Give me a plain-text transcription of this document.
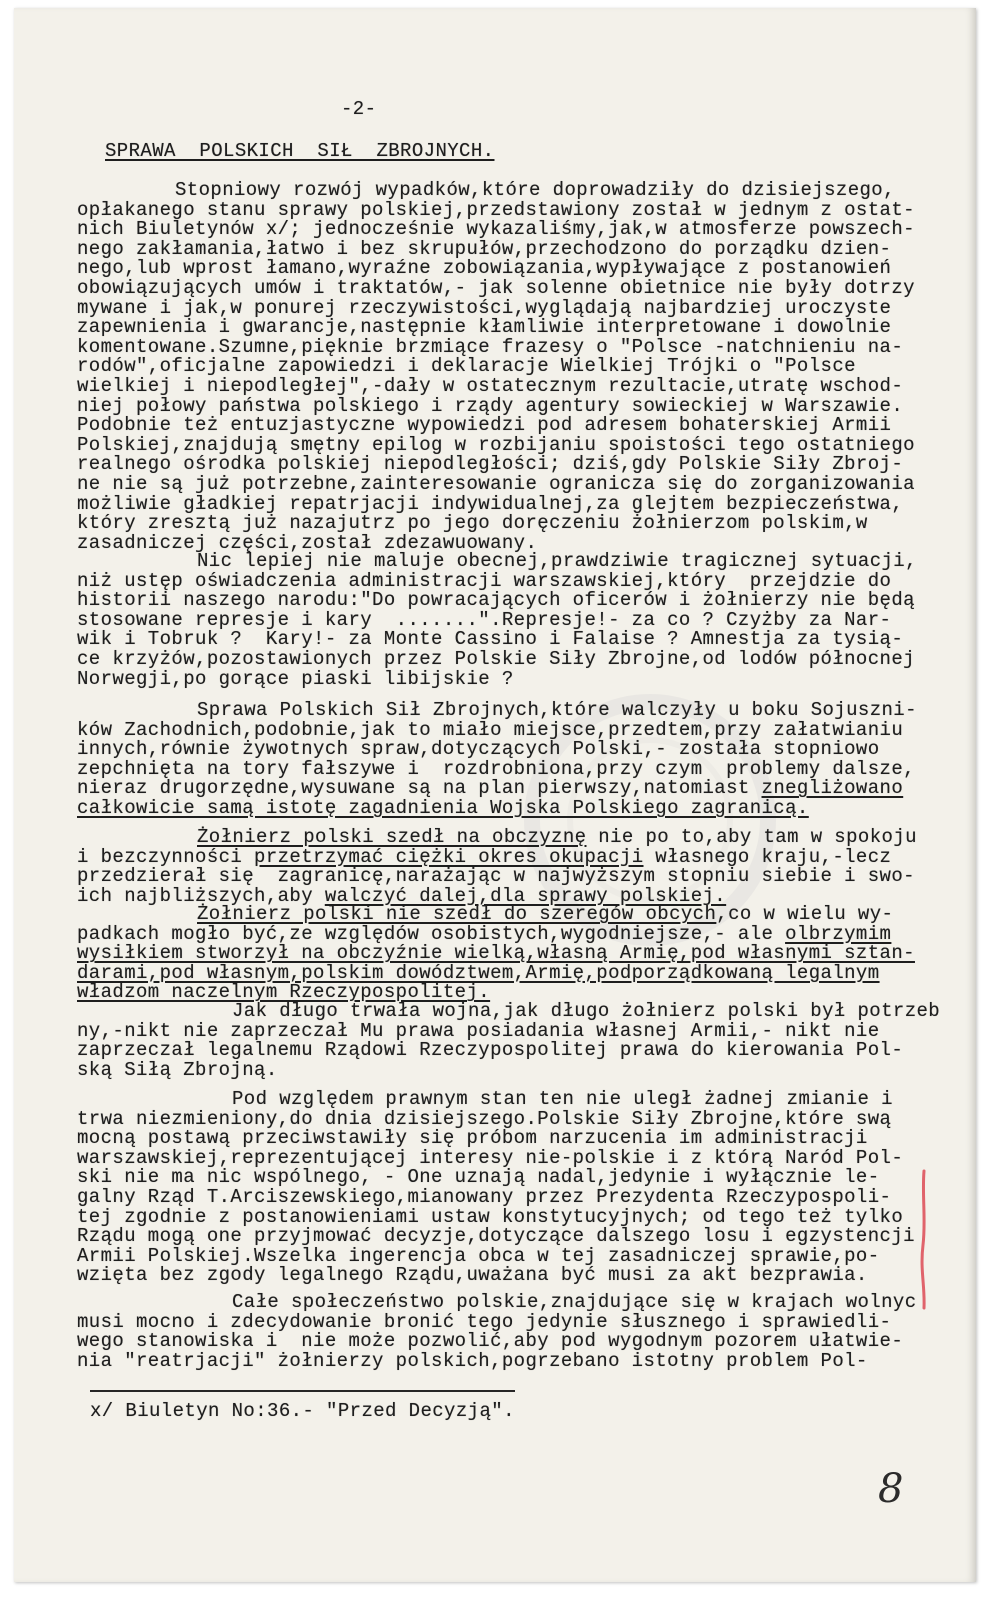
-2-
SPRAWA  POLSKICH  SIŁ  ZBROJNYCH.
Stopniowy rozwój wypadków,które doprowadziły do dzisiejszego,
opłakanego stanu sprawy polskiej,przedstawiony został w jednym z ostat-
nich Biuletynów x/; jednocześnie wykazaliśmy,jak,w atmosferze powszech-
nego zakłamania,łatwo i bez skrupułów,przechodzono do porządku dzien-
nego,lub wprost łamano,wyraźne zobowiązania,wypływające z postanowień
obowiązujących umów i traktatów,- jak solenne obietnice nie były dotrzy
mywane i jak,w ponurej rzeczywistości,wyglądają najbardziej uroczyste
zapewnienia i gwarancje,następnie kłamliwie interpretowane i dowolnie
komentowane.Szumne,pięknie brzmiące frazesy o "Polsce -natchnieniu na-
rodów",oficjalne zapowiedzi i deklaracje Wielkiej Trójki o "Polsce
wielkiej i niepodległej",-dały w ostatecznym rezultacie,utratę wschod-
niej połowy państwa polskiego i rządy agentury sowieckiej w Warszawie.
Podobnie też entuzjastyczne wypowiedzi pod adresem bohaterskiej Armii
Polskiej,znajdują smętny epilog w rozbijaniu spoistości tego ostatniego
realnego ośrodka polskiej niepodległości; dziś,gdy Polskie Siły Zbroj-
ne nie są już potrzebne,zainteresowanie ogranicza się do zorganizowania
możliwie gładkiej repatrjacji indywidualnej,za glejtem bezpieczeństwa,
który zresztą już nazajutrz po jego doręczeniu żołnierzom polskim,w
zasadniczej części,został zdezawuowany.
Nic lepiej nie maluje obecnej,prawdziwie tragicznej sytuacji,
niż ustęp oświadczenia administracji warszawskiej,który  przejdzie do
historii naszego narodu:"Do powracających oficerów i żołnierzy nie będą
stosowane represje i kary  .......".Represje!- za co ? Czyżby za Nar-
wik i Tobruk ?  Kary!- za Monte Cassino i Falaise ? Amnestja za tysią-
ce krzyżów,pozostawionych przez Polskie Siły Zbrojne,od lodów północnej
Norwegji,po gorące piaski libijskie ?
Sprawa Polskich Sił Zbrojnych,które walczyły u boku Sojuszni-
ków Zachodnich,podobnie,jak to miało miejsce,przedtem,przy załatwianiu
innych,równie żywotnych spraw,dotyczących Polski,- została stopniowo
zepchnięta na tory fałszywe i  rozdrobniona,przy czym  problemy dalsze,
nieraz drugorzędne,wysuwane są na plan pierwszy,natomiast znegliżowano
całkowicie samą istotę zagadnienia Wojska Polskiego zagranicą.
Żołnierz polski szedł na obczyznę nie po to,aby tam w spokoju
i bezczynności przetrzymać ciężki okres okupacji własnego kraju,-lecz
przedzierał się  zagranicę,narażając w najwyższym stopniu siebie i swo-
ich najbliższych,aby walczyć dalej,dla sprawy polskiej.
Żołnierz polski nie szedł do szeregów obcych,co w wielu wy-
padkach mogło być,ze względów osobistych,wygodniejsze,- ale olbrzymim
wysiłkiem stworzył na obczyźnie wielką,własną Armię,pod własnymi sztan-
darami,pod własnym,polskim dowództwem,Armię,podporządkowaną legalnym
władzom naczelnym Rzeczypospolitej.
Jak długo trwała wojna,jak długo żołnierz polski był potrzeb
ny,-nikt nie zaprzeczał Mu prawa posiadania własnej Armii,- nikt nie
zaprzeczał legalnemu Rządowi Rzeczypospolitej prawa do kierowania Pol-
ską Siłą Zbrojną.
Pod względem prawnym stan ten nie uległ żadnej zmianie i
trwa niezmieniony,do dnia dzisiejszego.Polskie Siły Zbrojne,które swą
mocną postawą przeciwstawiły się próbom narzucenia im administracji
warszawskiej,reprezentującej interesy nie-polskie i z którą Naród Pol-
ski nie ma nic wspólnego, - One uznają nadal,jedynie i wyłącznie le-
galny Rząd T.Arciszewskiego,mianowany przez Prezydenta Rzeczypospoli-
tej zgodnie z postanowieniami ustaw konstytucyjnych; od tego też tylko
Rządu mogą one przyjmować decyzje,dotyczące dalszego losu i egzystencji
Armii Polskiej.Wszelka ingerencja obca w tej zasadniczej sprawie,po-
wzięta bez zgody legalnego Rządu,uważana być musi za akt bezprawia.
Całe społeczeństwo polskie,znajdujące się w krajach wolnyc
musi mocno i zdecydowanie bronić tego jedynie słusznego i sprawiedli-
wego stanowiska i  nie może pozwolić,aby pod wygodnym pozorem ułatwie-
nia "reatrjacji" żołnierzy polskich,pogrzebano istotny problem Pol-
x/ Biuletyn No:36.- "Przed Decyzją".
8
